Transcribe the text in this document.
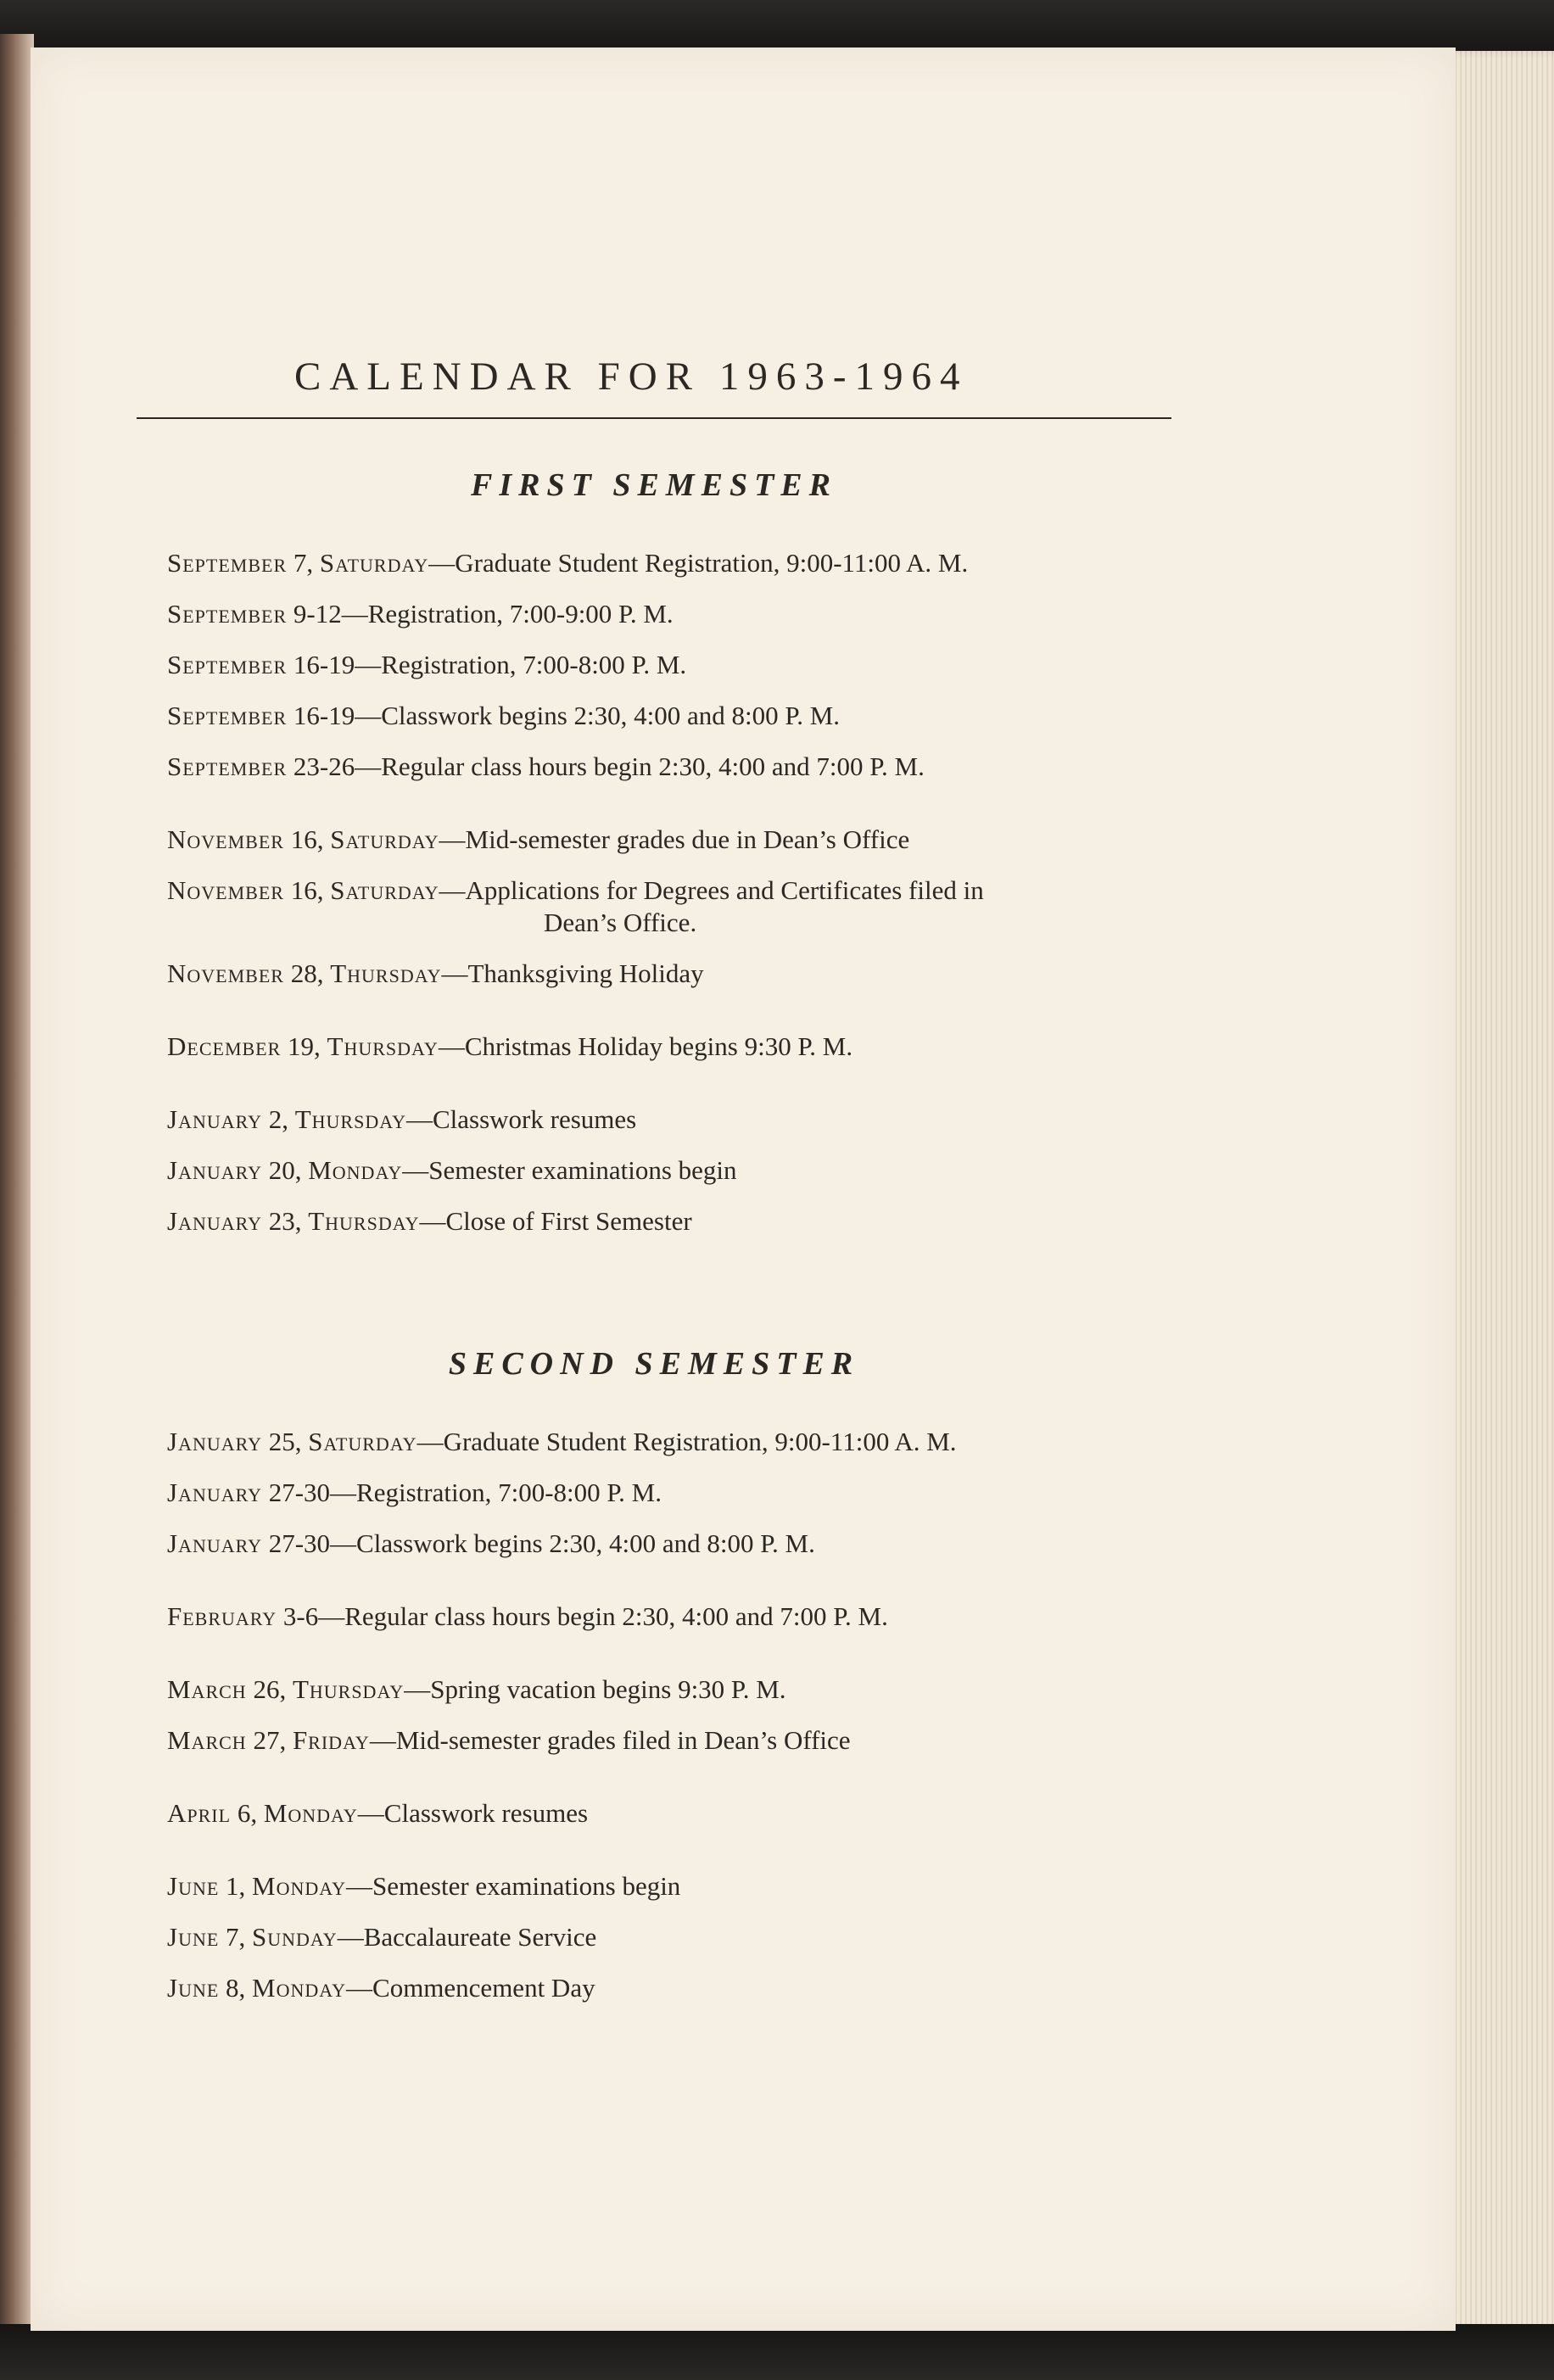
CALENDAR FOR 1963-1964
FIRST SEMESTER
September 7, Saturday—Graduate Student Registration, 9:00-11:00 A. M.
September 9-12—Registration, 7:00-9:00 P. M.
September 16-19—Registration, 7:00-8:00 P. M.
September 16-19—Classwork begins 2:30, 4:00 and 8:00 P. M.
September 23-26—Regular class hours begin 2:30, 4:00 and 7:00 P. M.
November 16, Saturday—Mid-semester grades due in Dean’s Office
November 16, Saturday—Applications for Degrees and Certificates filed in
Dean’s Office.
November 28, Thursday—Thanksgiving Holiday
December 19, Thursday—Christmas Holiday begins 9:30 P. M.
January 2, Thursday—Classwork resumes
January 20, Monday—Semester examinations begin
January 23, Thursday—Close of First Semester
SECOND SEMESTER
January 25, Saturday—Graduate Student Registration, 9:00-11:00 A. M.
January 27-30—Registration, 7:00-8:00 P. M.
January 27-30—Classwork begins 2:30, 4:00 and 8:00 P. M.
February 3-6—Regular class hours begin 2:30, 4:00 and 7:00 P. M.
March 26, Thursday—Spring vacation begins 9:30 P. M.
March 27, Friday—Mid-semester grades filed in Dean’s Office
April 6, Monday—Classwork resumes
June 1, Monday—Semester examinations begin
June 7, Sunday—Baccalaureate Service
June 8, Monday—Commencement Day
